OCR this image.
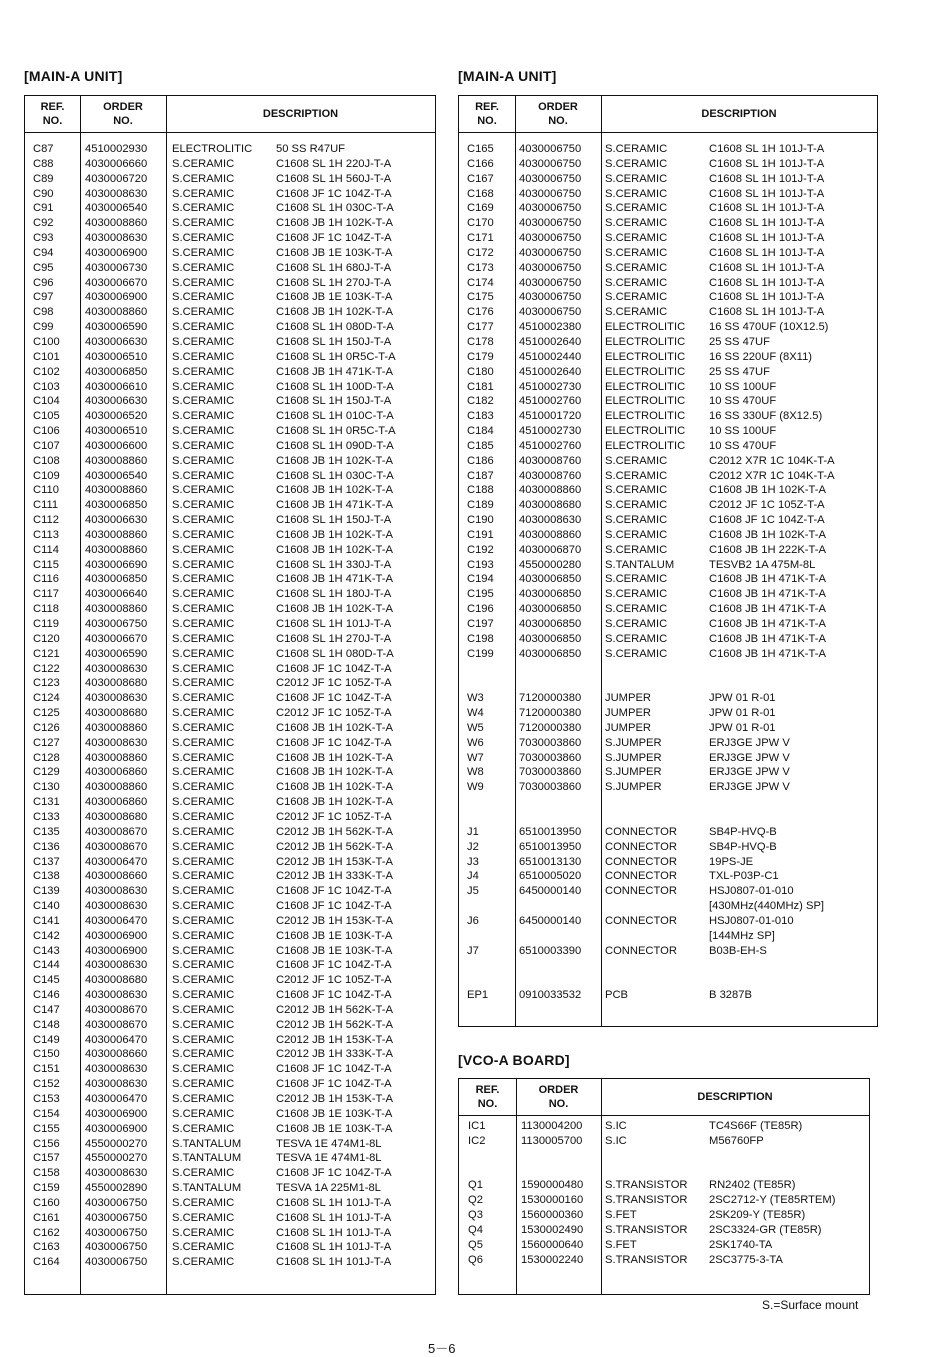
[MAIN-A UNIT]	[MAIN-A UNIT]
REF.
NO.
ORDER
NO.
DESCRIPTION
C87	4510002930 ELECTROLITIC 50 SS R47UF
C88	4030006660 S.CERAMIC	C1608 SL 1H 220J-T-A
C89	4030006720 S.CERAMIC	C1608 SL 1H 560J-T-A
C90	4030008630 S.CERAMIC	C1608 JF 1C 104Z-T-A
C91	4030006540 S.CERAMIC	C1608 SL 1H 030C-T-A
C92	4030008860 S.CERAMIC	C1608 JB 1H 102K-T-A
C93	4030008630 S.CERAMIC	C1608 JF 1C 104Z-T-A
C94	4030006900 S.CERAMIC	C1608 JB 1E 103K-T-A
C95	4030006730 S.CERAMIC	C1608 SL 1H 680J-T-A
C96	4030006670 S.CERAMIC	C1608 SL 1H 270J-T-A
C97	4030006900 S.CERAMIC	C1608 JB 1E 103K-T-A
C98	4030008860 S.CERAMIC	C1608 JB 1H 102K-T-A
C99	4030006590 S.CERAMIC	C1608 SL 1H 080D-T-A
C100 4030006630 S.CERAMIC	C1608 SL 1H 150J-T-A
C101 4030006510 S.CERAMIC	C1608 SL 1H 0R5C-T-A
C102 4030006850 S.CERAMIC	C1608 JB 1H 471K-T-A
C103 4030006610 S.CERAMIC	C1608 SL 1H 100D-T-A
C104 4030006630 S.CERAMIC	C1608 SL 1H 150J-T-A
C105 4030006520 S.CERAMIC	C1608 SL 1H 010C-T-A
C106 4030006510 S.CERAMIC	C1608 SL 1H 0R5C-T-A
C107 4030006600 S.CERAMIC	C1608 SL 1H 090D-T-A
C108 4030008860 S.CERAMIC	C1608 JB 1H 102K-T-A
C109 4030006540 S.CERAMIC	C1608 SL 1H 030C-T-A
C110 4030008860 S.CERAMIC	C1608 JB 1H 102K-T-A
C111 4030006850 S.CERAMIC	C1608 JB 1H 471K-T-A
C112 4030006630 S.CERAMIC	C1608 SL 1H 150J-T-A
C113 4030008860 S.CERAMIC	C1608 JB 1H 102K-T-A
C114 4030008860 S.CERAMIC	C1608 JB 1H 102K-T-A
C115 4030006690 S.CERAMIC	C1608 SL 1H 330J-T-A
C116 4030006850 S.CERAMIC	C1608 JB 1H 471K-T-A
C117 4030006640 S.CERAMIC	C1608 SL 1H 180J-T-A
C118 4030008860 S.CERAMIC	C1608 JB 1H 102K-T-A
C119 4030006750 S.CERAMIC	C1608 SL 1H 101J-T-A
C120 4030006670 S.CERAMIC	C1608 SL 1H 270J-T-A
C121 4030006590 S.CERAMIC	C1608 SL 1H 080D-T-A
C122 4030008630 S.CERAMIC	C1608 JF 1C 104Z-T-A
C123 4030008680 S.CERAMIC	C2012 JF 1C 105Z-T-A
C124 4030008630 S.CERAMIC	C1608 JF 1C 104Z-T-A
C125 4030008680 S.CERAMIC	C2012 JF 1C 105Z-T-A
C126 4030008860 S.CERAMIC	C1608 JB 1H 102K-T-A
C127 4030008630 S.CERAMIC	C1608 JF 1C 104Z-T-A
C128 4030008860 S.CERAMIC	C1608 JB 1H 102K-T-A
C129 4030006860 S.CERAMIC	C1608 JB 1H 102K-T-A
C130 4030008860 S.CERAMIC	C1608 JB 1H 102K-T-A
C131 4030006860 S.CERAMIC	C1608 JB 1H 102K-T-A
C133 4030008680 S.CERAMIC	C2012 JF 1C 105Z-T-A
C135 4030008670 S.CERAMIC	C2012 JB 1H 562K-T-A
C136 4030008670 S.CERAMIC	C2012 JB 1H 562K-T-A
C137 4030006470 S.CERAMIC	C2012 JB 1H 153K-T-A
C138 4030008660 S.CERAMIC	C2012 JB 1H 333K-T-A
C139 4030008630 S.CERAMIC	C1608 JF 1C 104Z-T-A
C140 4030008630 S.CERAMIC	C1608 JF 1C 104Z-T-A
C141 4030006470 S.CERAMIC	C2012 JB 1H 153K-T-A
C142 4030006900 S.CERAMIC	C1608 JB 1E 103K-T-A
C143 4030006900 S.CERAMIC	C1608 JB 1E 103K-T-A
C144 4030008630 S.CERAMIC	C1608 JF 1C 104Z-T-A
C145 4030008680 S.CERAMIC	C2012 JF 1C 105Z-T-A
C146 4030008630 S.CERAMIC	C1608 JF 1C 104Z-T-A
C147 4030008670 S.CERAMIC	C2012 JB 1H 562K-T-A
C148 4030008670 S.CERAMIC	C2012 JB 1H 562K-T-A
C149 4030006470 S.CERAMIC	C2012 JB 1H 153K-T-A
C150 4030008660 S.CERAMIC	C2012 JB 1H 333K-T-A
C151 4030008630 S.CERAMIC	C1608 JF 1C 104Z-T-A
C152 4030008630 S.CERAMIC	C1608 JF 1C 104Z-T-A
C153 4030006470 S.CERAMIC	C2012 JB 1H 153K-T-A
C154 4030006900 S.CERAMIC	C1608 JB 1E 103K-T-A
C155 4030006900 S.CERAMIC	C1608 JB 1E 103K-T-A
C156 4550000270 S.TANTALUM	TESVA 1E 474M1-8L
C157 4550000270 S.TANTALUM	TESVA 1E 474M1-8L
C158 4030008630 S.CERAMIC	C1608 JF 1C 104Z-T-A
C159 4550002890 S.TANTALUM	TESVA 1A 225M1-8L
C160 4030006750 S.CERAMIC	C1608 SL 1H 101J-T-A
C161 4030006750 S.CERAMIC	C1608 SL 1H 101J-T-A
C162 4030006750 S.CERAMIC	C1608 SL 1H 101J-T-A
C163 4030006750 S.CERAMIC	C1608 SL 1H 101J-T-A
C164 4030006750 S.CERAMIC	C1608 SL 1H 101J-T-A
REF.
NO.
ORDER
NO.
DESCRIPTION
C165 4030006750 S.CERAMIC	C1608 SL 1H 101J-T-A
C166 4030006750 S.CERAMIC	C1608 SL 1H 101J-T-A
C167 4030006750 S.CERAMIC	C1608 SL 1H 101J-T-A
C168 4030006750 S.CERAMIC	C1608 SL 1H 101J-T-A
C169 4030006750 S.CERAMIC	C1608 SL 1H 101J-T-A
C170 4030006750 S.CERAMIC	C1608 SL 1H 101J-T-A
C171 4030006750 S.CERAMIC	C1608 SL 1H 101J-T-A
C172 4030006750 S.CERAMIC	C1608 SL 1H 101J-T-A
C173 4030006750 S.CERAMIC	C1608 SL 1H 101J-T-A
C174 4030006750 S.CERAMIC	C1608 SL 1H 101J-T-A
C175 4030006750 S.CERAMIC	C1608 SL 1H 101J-T-A
C176 4030006750 S.CERAMIC	C1608 SL 1H 101J-T-A
C177 4510002380 ELECTROLITIC 16 SS 470UF (10X12.5)
C178 4510002640 ELECTROLITIC 25 SS 47UF
C179 4510002440 ELECTROLITIC 16 SS 220UF (8X11)
C180 4510002640 ELECTROLITIC 25 SS 47UF
C181 4510002730 ELECTROLITIC 10 SS 100UF
C182 4510002760 ELECTROLITIC 10 SS 470UF
C183 4510001720 ELECTROLITIC 16 SS 330UF (8X12.5)
C184 4510002730 ELECTROLITIC 10 SS 100UF
C185 4510002760 ELECTROLITIC 10 SS 470UF
C186 4030008760 S.CERAMIC	C2012 X7R 1C 104K-T-A
C187 4030008760 S.CERAMIC	C2012 X7R 1C 104K-T-A
C188 4030008860 S.CERAMIC	C1608 JB 1H 102K-T-A
C189 4030008680 S.CERAMIC	C2012 JF 1C 105Z-T-A
C190 4030008630 S.CERAMIC	C1608 JF 1C 104Z-T-A
C191 4030008860 S.CERAMIC	C1608 JB 1H 102K-T-A
C192 4030006870 S.CERAMIC	C1608 JB 1H 222K-T-A
C193 4550000280 S.TANTALUM	TESVB2 1A 475M-8L
C194 4030006850 S.CERAMIC	C1608 JB 1H 471K-T-A
C195 4030006850 S.CERAMIC	C1608 JB 1H 471K-T-A
C196 4030006850 S.CERAMIC	C1608 JB 1H 471K-T-A
C197 4030006850 S.CERAMIC	C1608 JB 1H 471K-T-A
C198 4030006850 S.CERAMIC	C1608 JB 1H 471K-T-A
C199 4030006850 S.CERAMIC	C1608 JB 1H 471K-T-A
W3	7120000380 JUMPER	JPW 01 R-01
W4	7120000380 JUMPER	JPW 01 R-01
W5	7120000380 JUMPER	JPW 01 R-01
W6	7030003860 S.JUMPER	ERJ3GE JPW V
W7	7030003860 S.JUMPER	ERJ3GE JPW V
W8	7030003860 S.JUMPER	ERJ3GE JPW V
W9	7030003860 S.JUMPER	ERJ3GE JPW V
J1	6510013950 CONNECTOR	SB4P-HVQ-B
J2	6510013950 CONNECTOR	SB4P-HVQ-B
J3	6510013130 CONNECTOR	19PS-JE
J4	6510005020 CONNECTOR	TXL-P03P-C1
J5	6450000140 CONNECTOR	HSJ0807-01-010
[430MHz(440MHz) SP]
J6	6450000140 CONNECTOR	HSJ0807-01-010
[144MHz SP]
J7	6510003390 CONNECTOR	B03B-EH-S
EP1	0910033532 PCB	B 3287B
[VCO-A BOARD]
REF.
NO.
ORDER
NO.
DESCRIPTION
IC1	1130004200 S.IC	TC4S66F (TE85R)
IC2	1130005700 S.IC	M56760FP
Q1	1590000480 S.TRANSISTOR RN2402 (TE85R)
Q2	1530000160 S.TRANSISTOR 2SC2712-Y (TE85RTEM)
Q3	1560000360 S.FET	2SK209-Y (TE85R)
Q4	1530002490 S.TRANSISTOR 2SC3324-GR (TE85R)
Q5	1560000640 S.FET	2SK1740-TA
Q6	1530002240 S.TRANSISTOR 2SC3775-3-TA
S.=Surface mount
5－6
